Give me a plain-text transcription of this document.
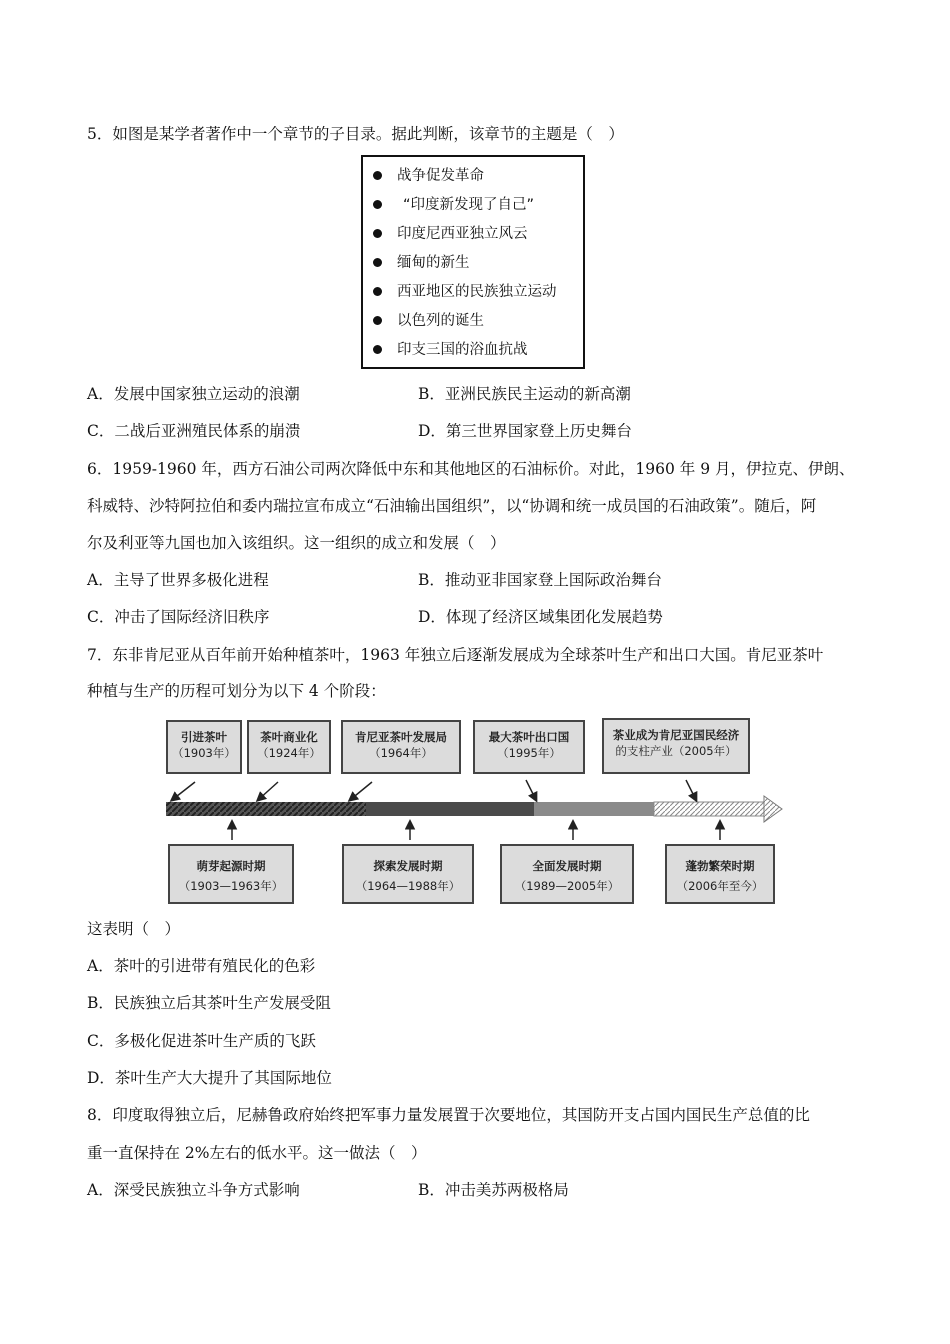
5．如图是某学者著作中一个章节的子目录。据此判断，该章节的主题是（　）
战争促发革命
“印度新发现了自己”
印度尼西亚独立风云
缅甸的新生
西亚地区的民族独立运动
以色列的诞生
印支三国的浴血抗战
A．发展中国家独立运动的浪潮	B．亚洲民族民主运动的新高潮
C．二战后亚洲殖民体系的崩溃	D．第三世界国家登上历史舞台
6．1959-1960 年，西方石油公司两次降低中东和其他地区的石油标价。对此，1960 年 9 月，伊拉克、伊朗、
科威特、沙特阿拉伯和委内瑞拉宣布成立“石油输出国组织”，以“协调和统一成员国的石油政策”。随后，阿
尔及利亚等九国也加入该组织。这一组织的成立和发展（　）
A．主导了世界多极化进程	B．推动亚非国家登上国际政治舞台
C．冲击了国际经济旧秩序	D．体现了经济区域集团化发展趋势
7．东非肯尼亚从百年前开始种植茶叶，1963 年独立后逐渐发展成为全球茶叶生产和出口大国。肯尼亚茶叶
种植与生产的历程可划分为以下 4 个阶段：
引进茶叶
（1903年）
茶叶商业化
（1924年）
肯尼亚茶叶发展局
（1964年）
最大茶叶出口国
（1995年）
茶业成为肯尼亚国民经济
的支柱产业（2005年）
萌芽起源时期
（1903—1963年）
探索发展时期
（1964—1988年）
全面发展时期
（1989—2005年）
蓬勃繁荣时期
（2006年至今）
这表明（　）
A．茶叶的引进带有殖民化的色彩
B．民族独立后其茶叶生产发展受阻
C．多极化促进茶叶生产质的飞跃
D．茶叶生产大大提升了其国际地位
8．印度取得独立后，尼赫鲁政府始终把军事力量发展置于次要地位，其国防开支占国内国民生产总值的比
重一直保持在 2%左右的低水平。这一做法（　）
A．深受民族独立斗争方式影响	B．冲击美苏两极格局
